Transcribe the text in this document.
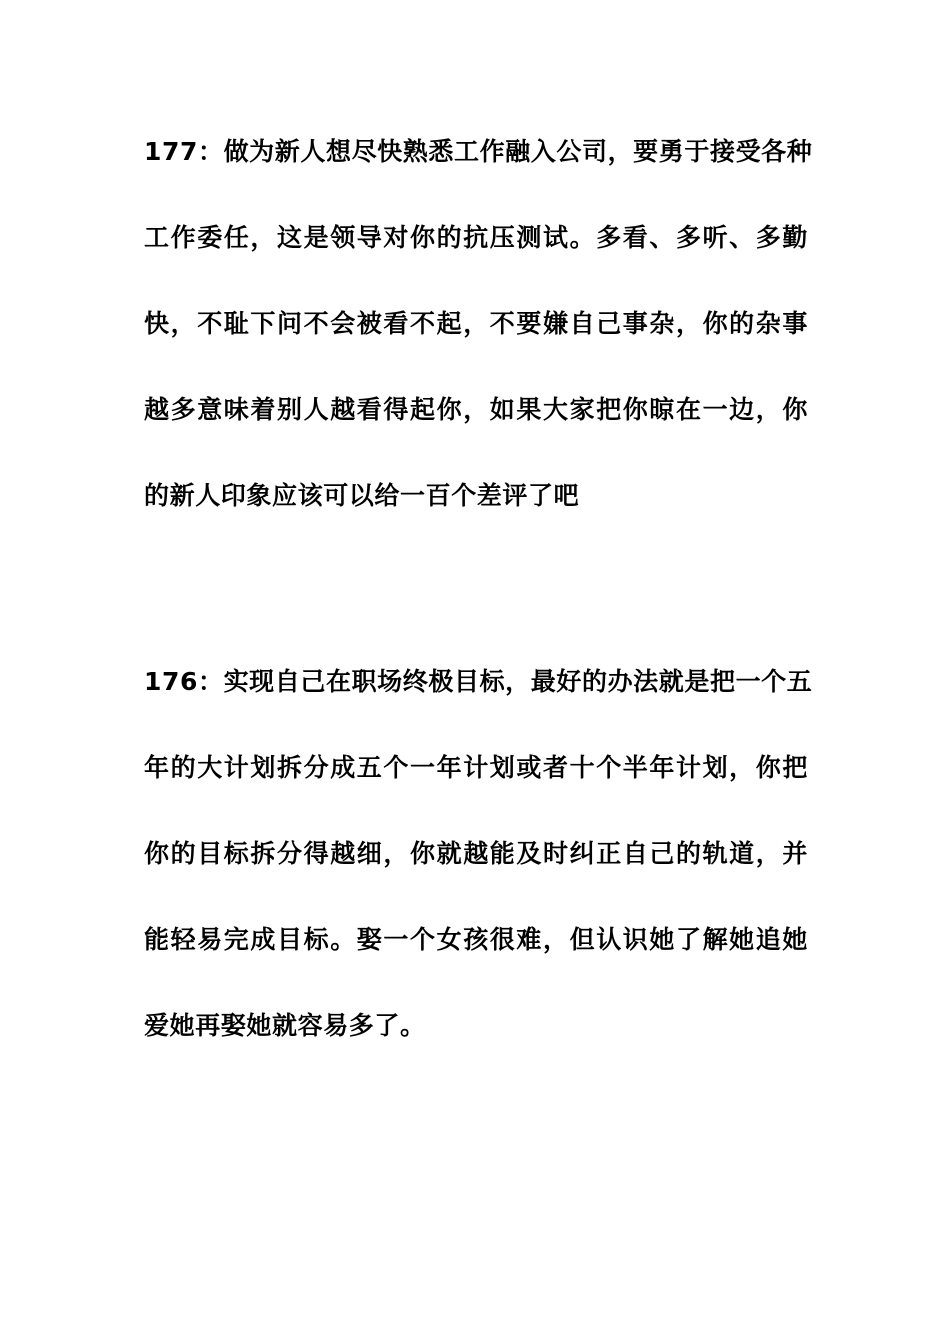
177：做为新人想尽快熟悉工作融入公司，要勇于接受各种
工作委任，这是领导对你的抗压测试。多看、多听、多勤
快，不耻下问不会被看不起，不要嫌自己事杂，你的杂事
越多意味着别人越看得起你，如果大家把你晾在一边，你
的新人印象应该可以给一百个差评了吧
176：实现自己在职场终极目标，最好的办法就是把一个五
年的大计划拆分成五个一年计划或者十个半年计划，你把
你的目标拆分得越细，你就越能及时纠正自己的轨道，并
能轻易完成目标。娶一个女孩很难，但认识她了解她追她
爱她再娶她就容易多了。
